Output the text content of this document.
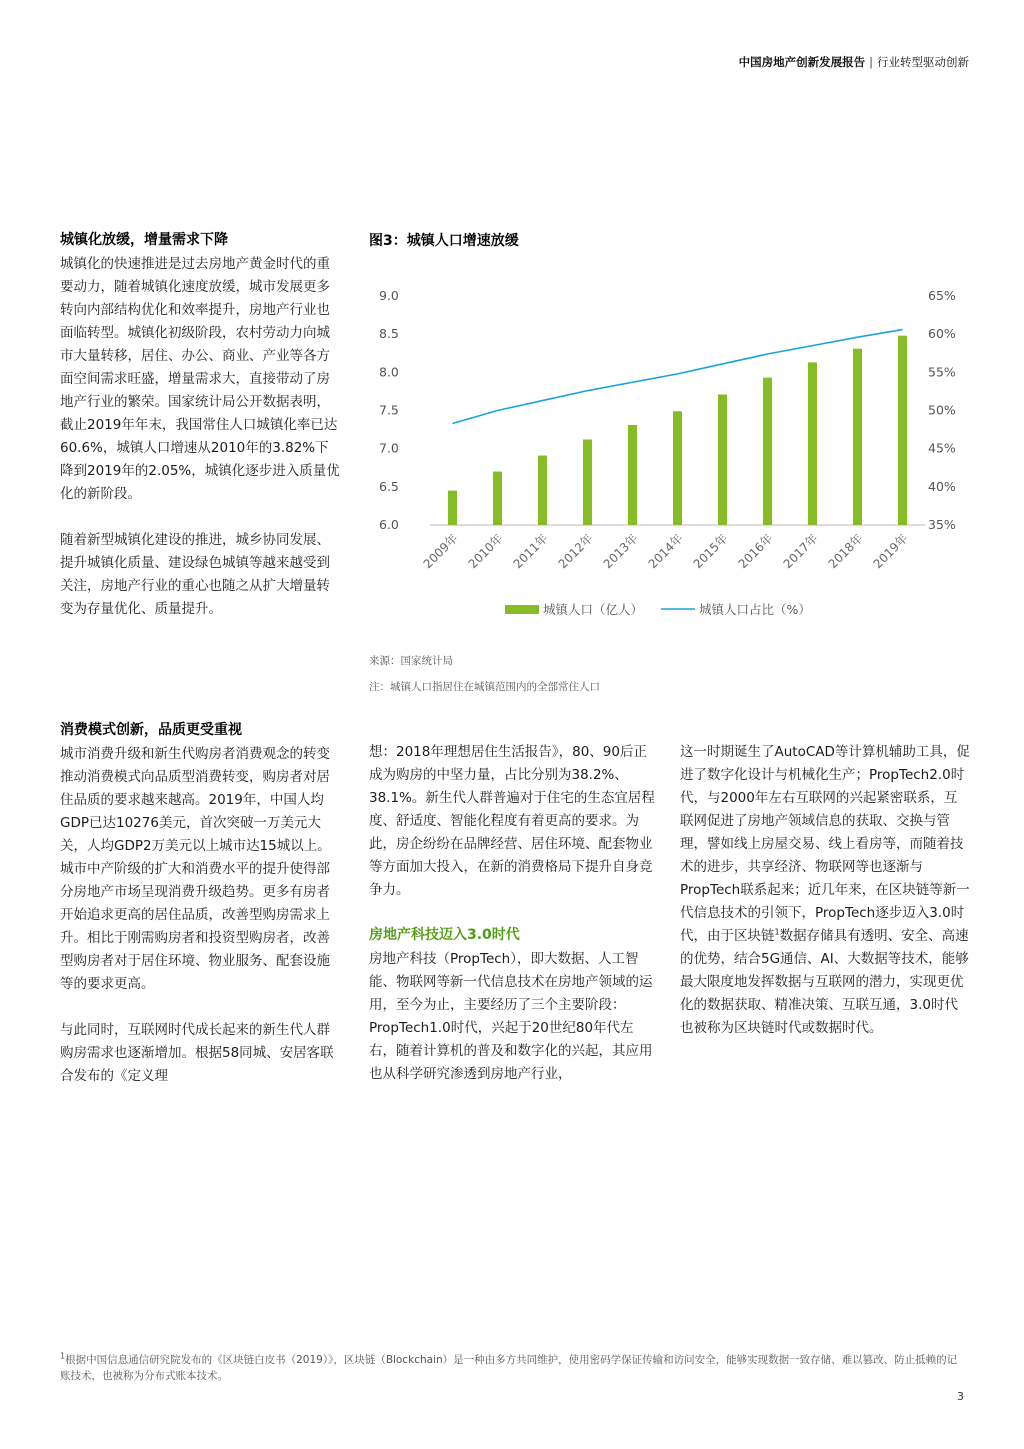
中国房地产创新发展报告 | 行业转型驱动创新

城镇化放缓，增量需求下降

城镇化的快速推进是过去房地产黄金时代的重要动力，随着城镇化速度放缓，城市发展更多转向内部结构优化和效率提升，房地产行业也面临转型。城镇化初级阶段，农村劳动力向城市大量转移，居住、办公、商业、产业等各方面空间需求旺盛，增量需求大，直接带动了房地产行业的繁荣。国家统计局公开数据表明，截止2019年年末，我国常住人口城镇化率已达60.6%，城镇人口增速从2010年的3.82%下降到2019年的2.05%，城镇化逐步进入质量优化的新阶段。

随着新型城镇化建设的推进，城乡协同发展、提升城镇化质量、建设绿色城镇等越来越受到关注，房地产行业的重心也随之从扩大增量转变为存量优化、质量提升。

消费模式创新，品质更受重视

城市消费升级和新生代购房者消费观念的转变推动消费模式向品质型消费转变，购房者对居住品质的要求越来越高。2019年，中国人均GDP已达10276美元，首次突破一万美元大关，人均GDP2万美元以上城市达15城以上。城市中产阶级的扩大和消费水平的提升使得部分房地产市场呈现消费升级趋势。更多有房者开始追求更高的居住品质，改善型购房需求上升。相比于刚需购房者和投资型购房者，改善型购房者对于居住环境、物业服务、配套设施等的要求更高。

与此同时，互联网时代成长起来的新生代人群购房需求也逐渐增加。根据58同城、安居客联合发布的《定义理

图3：城镇人口增速放缓
6.0
6.5
7.0
7.5
8.0
8.5
9.0
35%
40%
45%
50%
55%
60%
65%
2009年 2010年 2011年 2012年 2013年 2014年 2015年 2016年 2017年 2018年 2019年
城镇人口（亿人）	城镇人口占比（%）
来源：国家统计局
注：城镇人口指居住在城镇范围内的全部常住人口

想：2018年理想居住生活报告》，80、90后正成为购房的中坚力量，占比分别为38.2%、38.1%。新生代人群普遍对于住宅的生态宜居程度、舒适度、智能化程度有着更高的要求。为此，房企纷纷在品牌经营、居住环境、配套物业等方面加大投入，在新的消费格局下提升自身竞争力。

房地产科技迈入3.0时代

房地产科技（PropTech），即大数据、人工智能、物联网等新一代信息技术在房地产领域的运用，至今为止，主要经历了三个主要阶段：PropTech1.0时代，兴起于20世纪80年代左右，随着计算机的普及和数字化的兴起，其应用也从科学研究渗透到房地产行业，

这一时期诞生了AutoCAD等计算机辅助工具，促进了数字化设计与机械化生产；PropTech2.0时代，与2000年左右互联网的兴起紧密联系，互联网促进了房地产领域信息的获取、交换与管理，譬如线上房屋交易、线上看房等，而随着技术的进步，共享经济、物联网等也逐渐与PropTech联系起来；近几年来，在区块链等新一代信息技术的引领下，PropTech逐步迈入3.0时代，由于区块链$^1$数据存储具有透明、安全、高速的优势，结合5G通信、AI、大数据等技术，能够最大限度地发挥数据与互联网的潜力，实现更优化的数据获取、精准决策、互联互通，3.0时代也被称为区块链时代或数据时代。

$^1$根据中国信息通信研究院发布的《区块链白皮书（2019）》，区块链（Blockchain）是一种由多方共同维护，使用密码学保证传输和访问安全，能够实现数据一致存储、难以篡改、防止抵赖的记账技术，也被称为分布式账本技术。
3
